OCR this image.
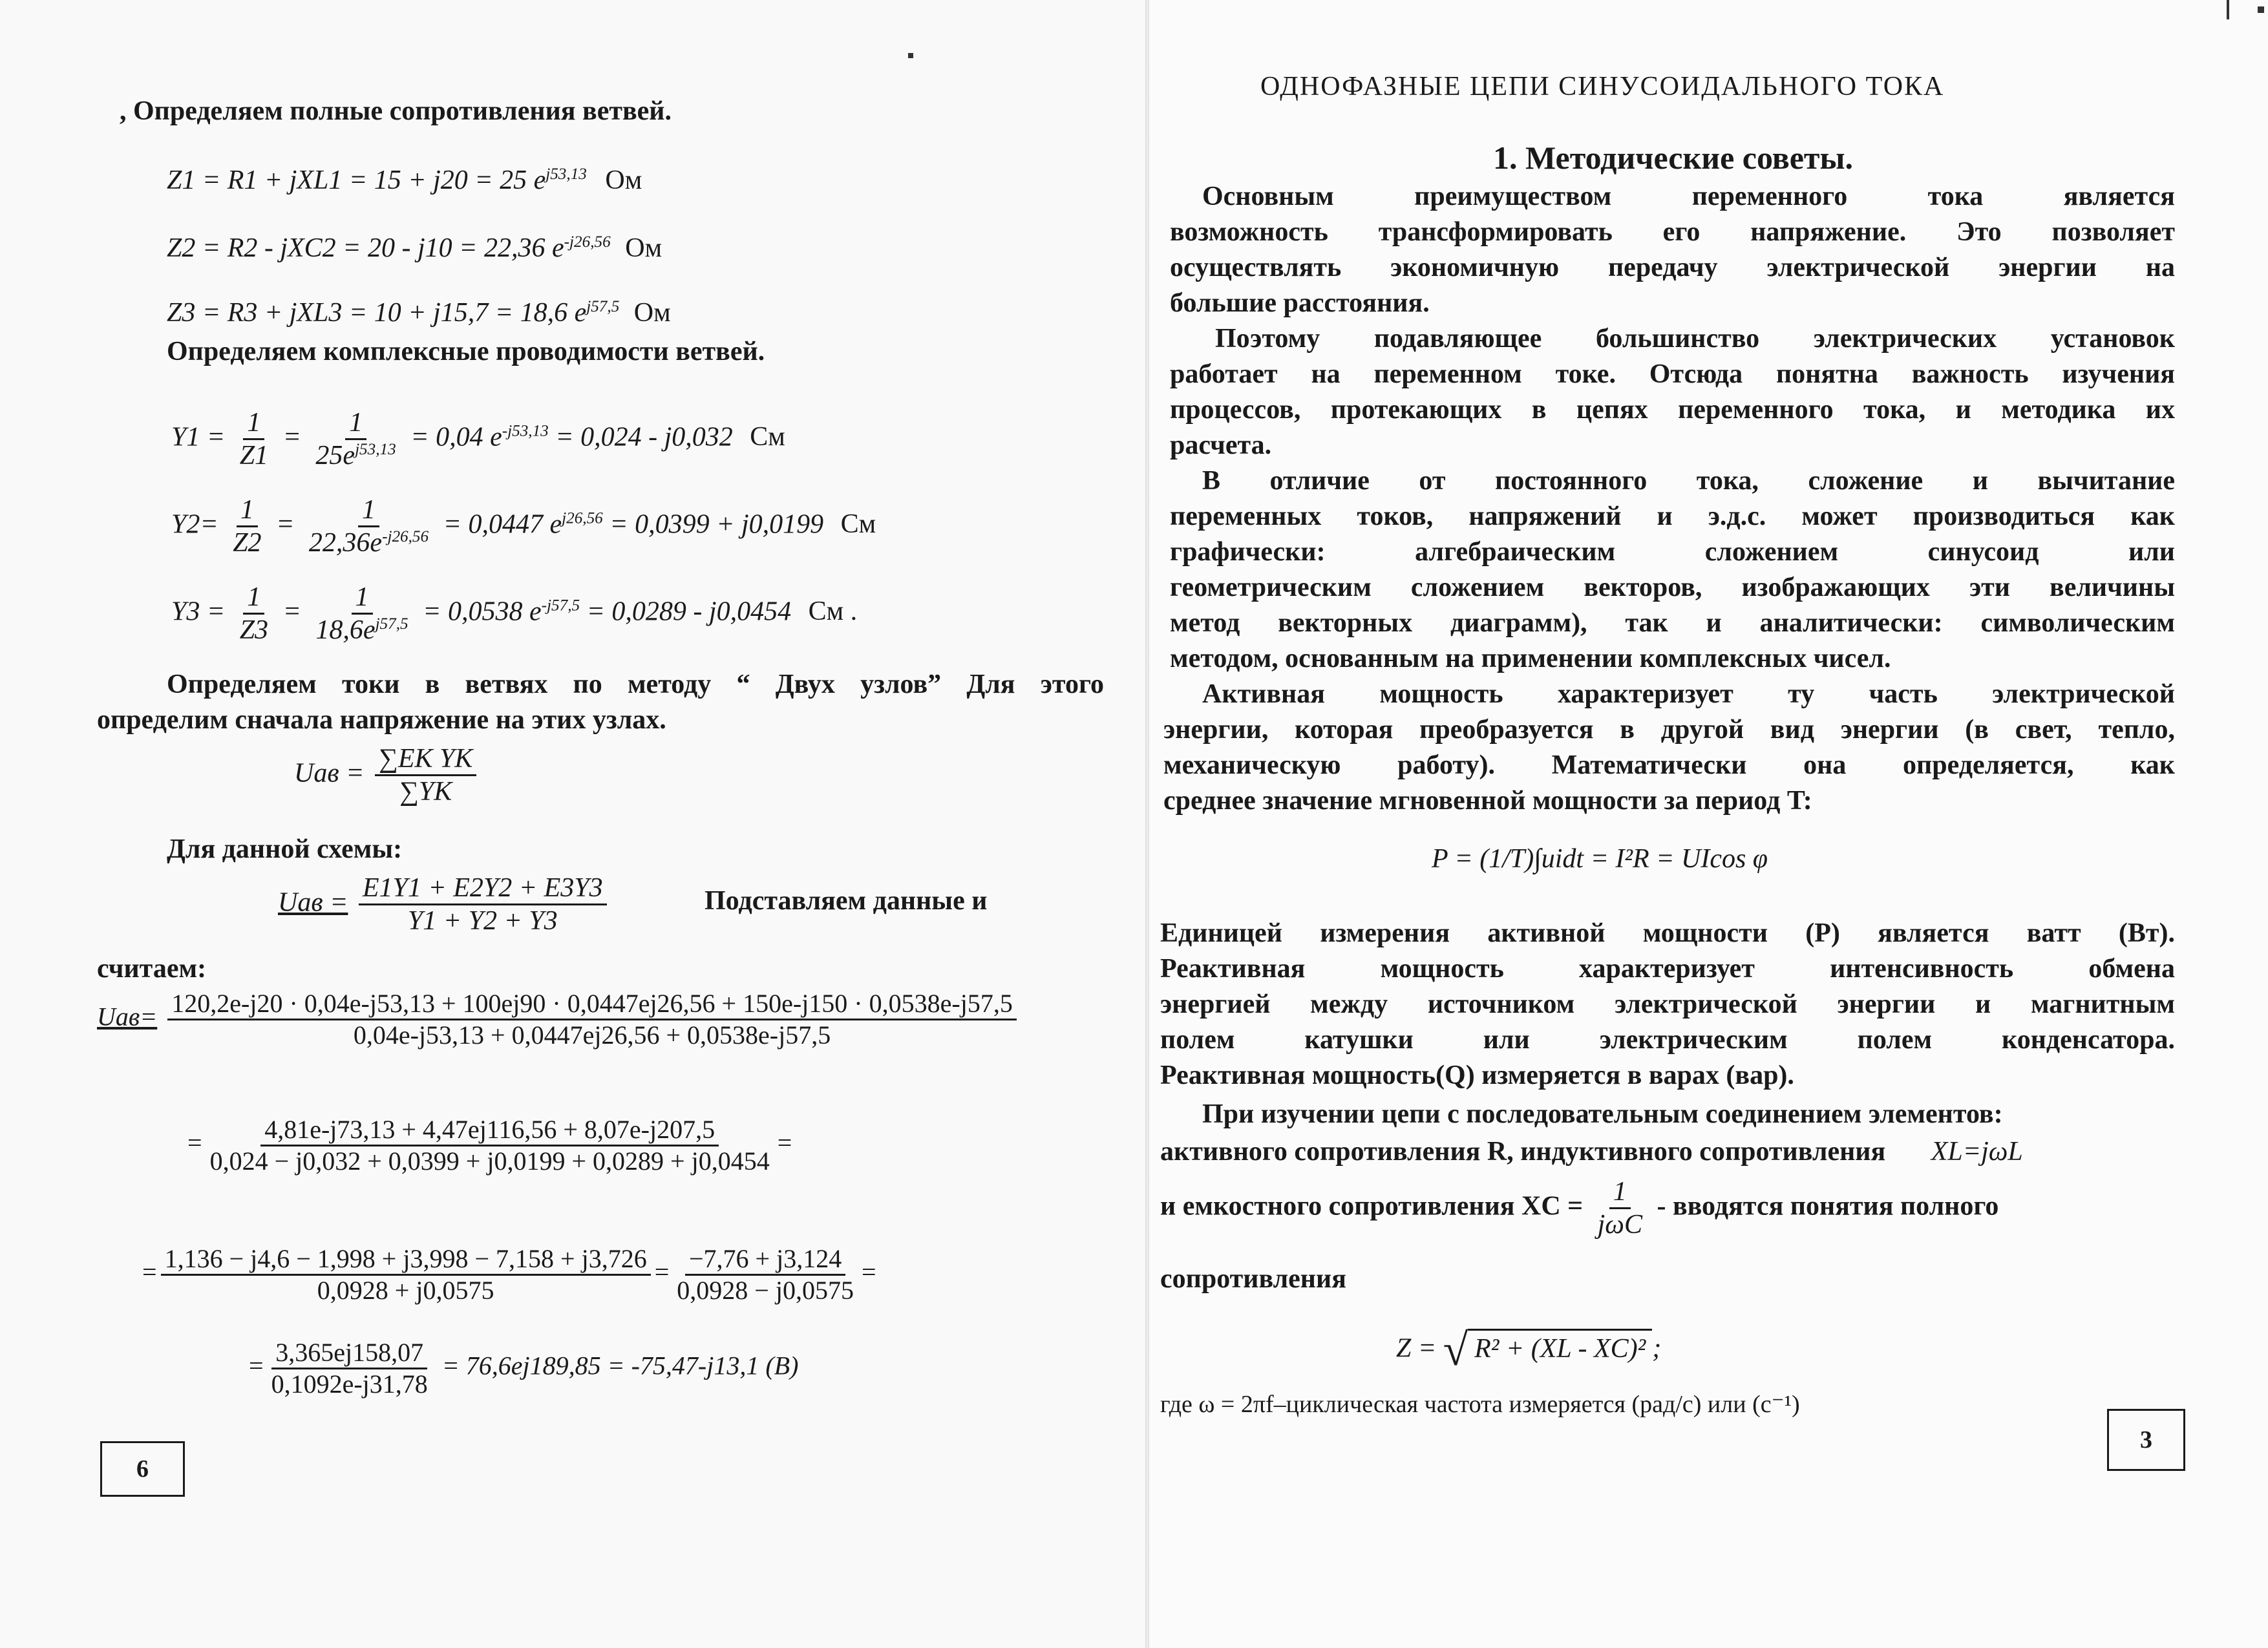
, Определяем полные сопротивления ветвей.
Z1 = R1 + jXL1 = 15 + j20 = 25 $e^{j53,13}$ Ом
Z2 = R2 - jXC2 = 20 - j10 = 22,36 $e^{-j26,56}$ Ом
Z3 = R3 + jXL3 = 10 + j15,7 = 18,6 $e^{j57,5}$ Ом
Определяем комплексные проводимости ветвей.
$Y1 = \frac{1}{Z1} = \frac{1}{25e^{j53,13}} = 0,04$ $e^{-j53,13} = 0,024 - j0,032$ См
$Y2= \frac{1}{Z2} = \frac{1}{22,36e^{-j26,56}} = 0,0447$ $e^{j26,56} = 0,0399 + j0,0199$ См
$Y3 = \frac{1}{Z3} = \frac{1}{18,6e^{j57,5}} = 0,0538$ $e^{-j57,5} = 0,0289 - j0,0454$ См .
Определяем токи в ветвях по методу “ Двух узлов” Для этого
определим сначала напряжение на этих узлах.
Uав = $\frac{\text{∑EK YK}}{\sum YK}$
Для данной схемы:
Uав = $\frac{E1Y1 + E2Y2 + E3Y3}{Y1 + Y2 + Y3}$	Подставляем данные и
считаем:
Uав= 120,2e-j20 · 0,04e-j53,13 + 100ej90 · 0,0447ej26,56 + 150e-j150 · 0,0538e-j57,5
0,04e-j53,13 + 0,0447ej26,56 + 0,0538e-j57,5
= $\frac{4,81e-j73,13 + 4,47ej116,56 + 8,07e-j207,5}{0,024 - j0,032 + 0,0399 + j0,0199 + 0,0289 + j0,0454}$ =
= $\frac{1,136 - j4,6 - 1,998 + j3,998 - 7,158 + j3,726}{0,0928 + j0,0575} = \frac{-7,76 + j3,124}{0,0928 - j0,0575}$ =
= $\frac{3,365ej158,07}{0,1092e-j31,78} = 76,6ej189,85 = -75,47-j13,1$ (В)
6
ОДНОФАЗНЫЕ ЦЕПИ СИНУСОИДАЛЬНОГО ТОКА
1. Методические советы.
Основным преимуществом переменного тока является
возможность трансформировать его напряжение. Это позволяет
осуществлять экономичную передачу электрической энергии на
большие расстояния.
Поэтому подавляющее большинство электрических установок
работает на переменном токе. Отсюда понятна важность изучения
процессов, протекающих в цепях переменного тока, и методика их
расчета.
В отличие от постоянного тока, сложение и вычитание
переменных токов, напряжений и э.д.с. может производиться как
графически: алгебраическим сложением синусоид или
геометрическим сложением векторов, изображающих эти величины
метод векторных диаграмм), так и аналитически: символическим
методом, основанным на применении комплексных чисел.
Активная мощность характеризует ту часть электрической
энергии, которая преобразуется в другой вид энергии (в свет, тепло,
механическую работу). Математически она определяется, как
среднее значение мгновенной мощности за период T:
P = (1/T)∫uidt = I²R = UIcos φ
Единицей измерения активной мощности (P) является ватт (Вт).
Реактивная мощность характеризует интенсивность обмена
энергией между источником электрической энергии и магнитным
полем катушки или электрическим полем конденсатора.
Реактивная мощность(Q) измеряется в варах (вар).
При изучении цепи с последовательным соединением элементов:
активного сопротивления R, индуктивного сопротивления XL=jωL
и емкостного сопротивления XC = $\frac{1}{\text{jωC}}$ - вводятся понятия полного
сопротивления
Z = √ R² + (XL - XC)² ;
где ω = 2πf–циклическая частота измеряется (рад/с) или (с⁻¹)
3
